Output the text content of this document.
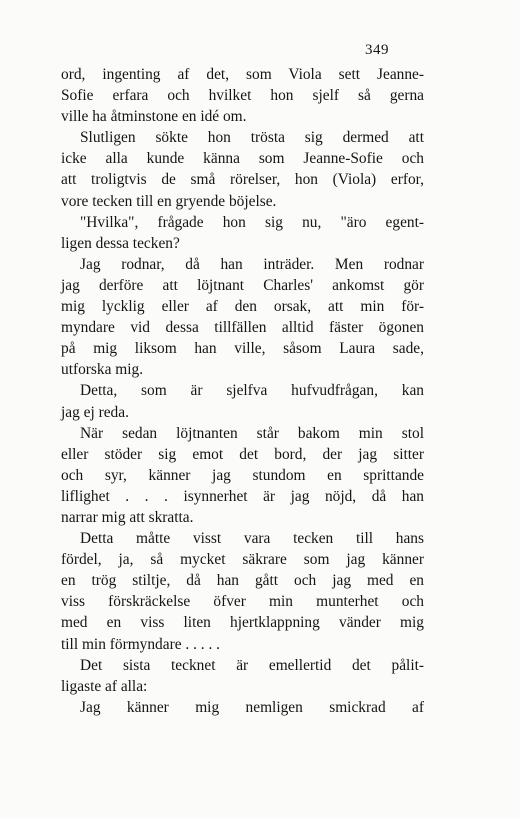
349
ord, ingenting af det, som Viola sett Jeanne-
Sofie erfara och hvilket hon sjelf så gerna
ville ha åtminstone en idé om.
Slutligen sökte hon trösta sig dermed att
icke alla kunde känna som Jeanne-Sofie och
att troligtvis de små rörelser, hon (Viola) erfor,
vore tecken till en gryende böjelse.
"Hvilka", frågade hon sig nu, "äro egent-
ligen dessa tecken?
Jag rodnar, då han inträder. Men rodnar
jag derföre att löjtnant Charles' ankomst gör
mig lycklig eller af den orsak, att min för-
myndare vid dessa tillfällen alltid fäster ögonen
på mig liksom han ville, såsom Laura sade,
utforska mig.
Detta, som är sjelfva hufvudfrågan, kan
jag ej reda.
När sedan löjtnanten står bakom min stol
eller stöder sig emot det bord, der jag sitter
och syr, känner jag stundom en sprittande
liflighet . . . isynnerhet är jag nöjd, då han
narrar mig att skratta.
Detta måtte visst vara tecken till hans
fördel, ja, så mycket säkrare som jag känner
en trög stiltje, då han gått och jag med en
viss förskräckelse öfver min munterhet och
med en viss liten hjertklappning vänder mig
till min förmyndare . . . . .
Det sista tecknet är emellertid det pålit-
ligaste af alla:
Jag känner mig nemligen smickrad af
